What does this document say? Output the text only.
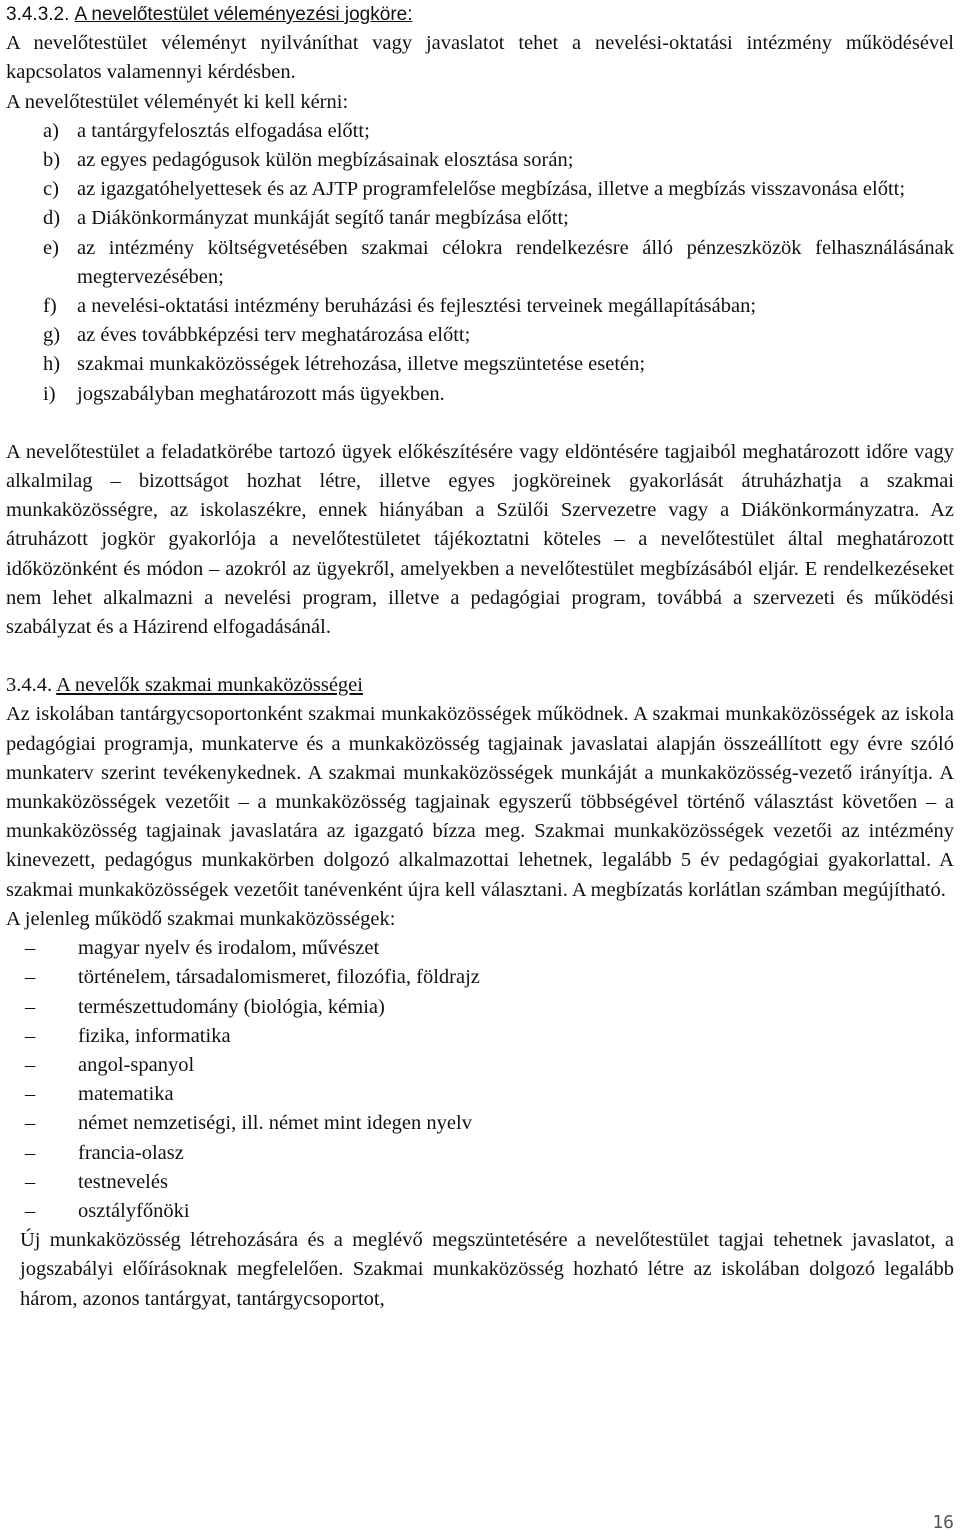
3.4.3.2. A nevelőtestület véleményezési jogköre:

A nevelőtestület véleményt nyilváníthat vagy javaslatot tehet a nevelési-oktatási intézmény működésével kapcsolatos valamennyi kérdésben.

A nevelőtestület véleményét ki kell kérni:

a) a tantárgyfelosztás elfogadása előtt;
b) az egyes pedagógusok külön megbízásainak elosztása során;
c) az igazgatóhelyettesek és az AJTP programfelelőse megbízása, illetve a megbízás visszavonása előtt;
d) a Diákönkormányzat munkáját segítő tanár megbízása előtt;
e) az intézmény költségvetésében szakmai célokra rendelkezésre álló pénzeszközök felhasználásának megtervezésében;
f) a nevelési-oktatási intézmény beruházási és fejlesztési terveinek megállapításában;
g) az éves továbbképzési terv meghatározása előtt;
h) szakmai munkaközösségek létrehozása, illetve megszüntetése esetén;
i)	jogszabályban meghatározott más ügyekben.

A nevelőtestület a feladatkörébe tartozó ügyek előkészítésére vagy eldöntésére tagjaiból meghatározott időre vagy alkalmilag – bizottságot hozhat létre, illetve egyes jogköreinek gyakorlását átruházhatja a szakmai munkaközösségre, az iskolaszékre, ennek hiányában a Szülői Szervezetre vagy a Diákönkormányzatra. Az átruházott jogkör gyakorlója a nevelőtestületet tájékoztatni köteles – a nevelőtestület által meghatározott időközönként és módon – azokról az ügyekről, amelyekben a nevelőtestület megbízásából eljár. E rendelkezéseket nem lehet alkalmazni a nevelési program, illetve a pedagógiai program, továbbá a szervezeti és működési szabályzat és a Házirend elfogadásánál.

3.4.4. A nevelők szakmai munkaközösségei

Az iskolában tantárgycsoportonként szakmai munkaközösségek működnek. A szakmai munkaközösségek az iskola pedagógiai programja, munkaterve és a munkaközösség tagjainak javaslatai alapján összeállított egy évre szóló munkaterv szerint tevékenykednek. A szakmai munkaközösségek munkáját a munkaközösség-vezető irányítja. A munkaközösségek vezetőit – a munkaközösség tagjainak egyszerű többségével történő választást követően – a munkaközösség tagjainak javaslatára az igazgató bízza meg. Szakmai munkaközösségek vezetői az intézmény kinevezett, pedagógus munkakörben dolgozó alkalmazottai lehetnek, legalább 5 év pedagógiai gyakorlattal. A szakmai munkaközösségek vezetőit tanévenként újra kell választani. A megbízatás korlátlan számban megújítható.

A jelenleg működő szakmai munkaközösségek:

–	magyar nyelv és irodalom, művészet
–	történelem, társadalomismeret, filozófia, földrajz
–	természettudomány (biológia, kémia)
–	fizika, informatika
–	angol-spanyol
–	matematika
–	német nemzetiségi, ill. német mint idegen nyelv
–	francia-olasz
–	testnevelés
–	osztályfőnöki

Új munkaközösség létrehozására és a meglévő megszüntetésére a nevelőtestület tagjai tehetnek javaslatot, a jogszabályi előírásoknak megfelelően. Szakmai munkaközösség hozható létre az iskolában dolgozó legalább három, azonos tantárgyat, tantárgycsoportot,

16
